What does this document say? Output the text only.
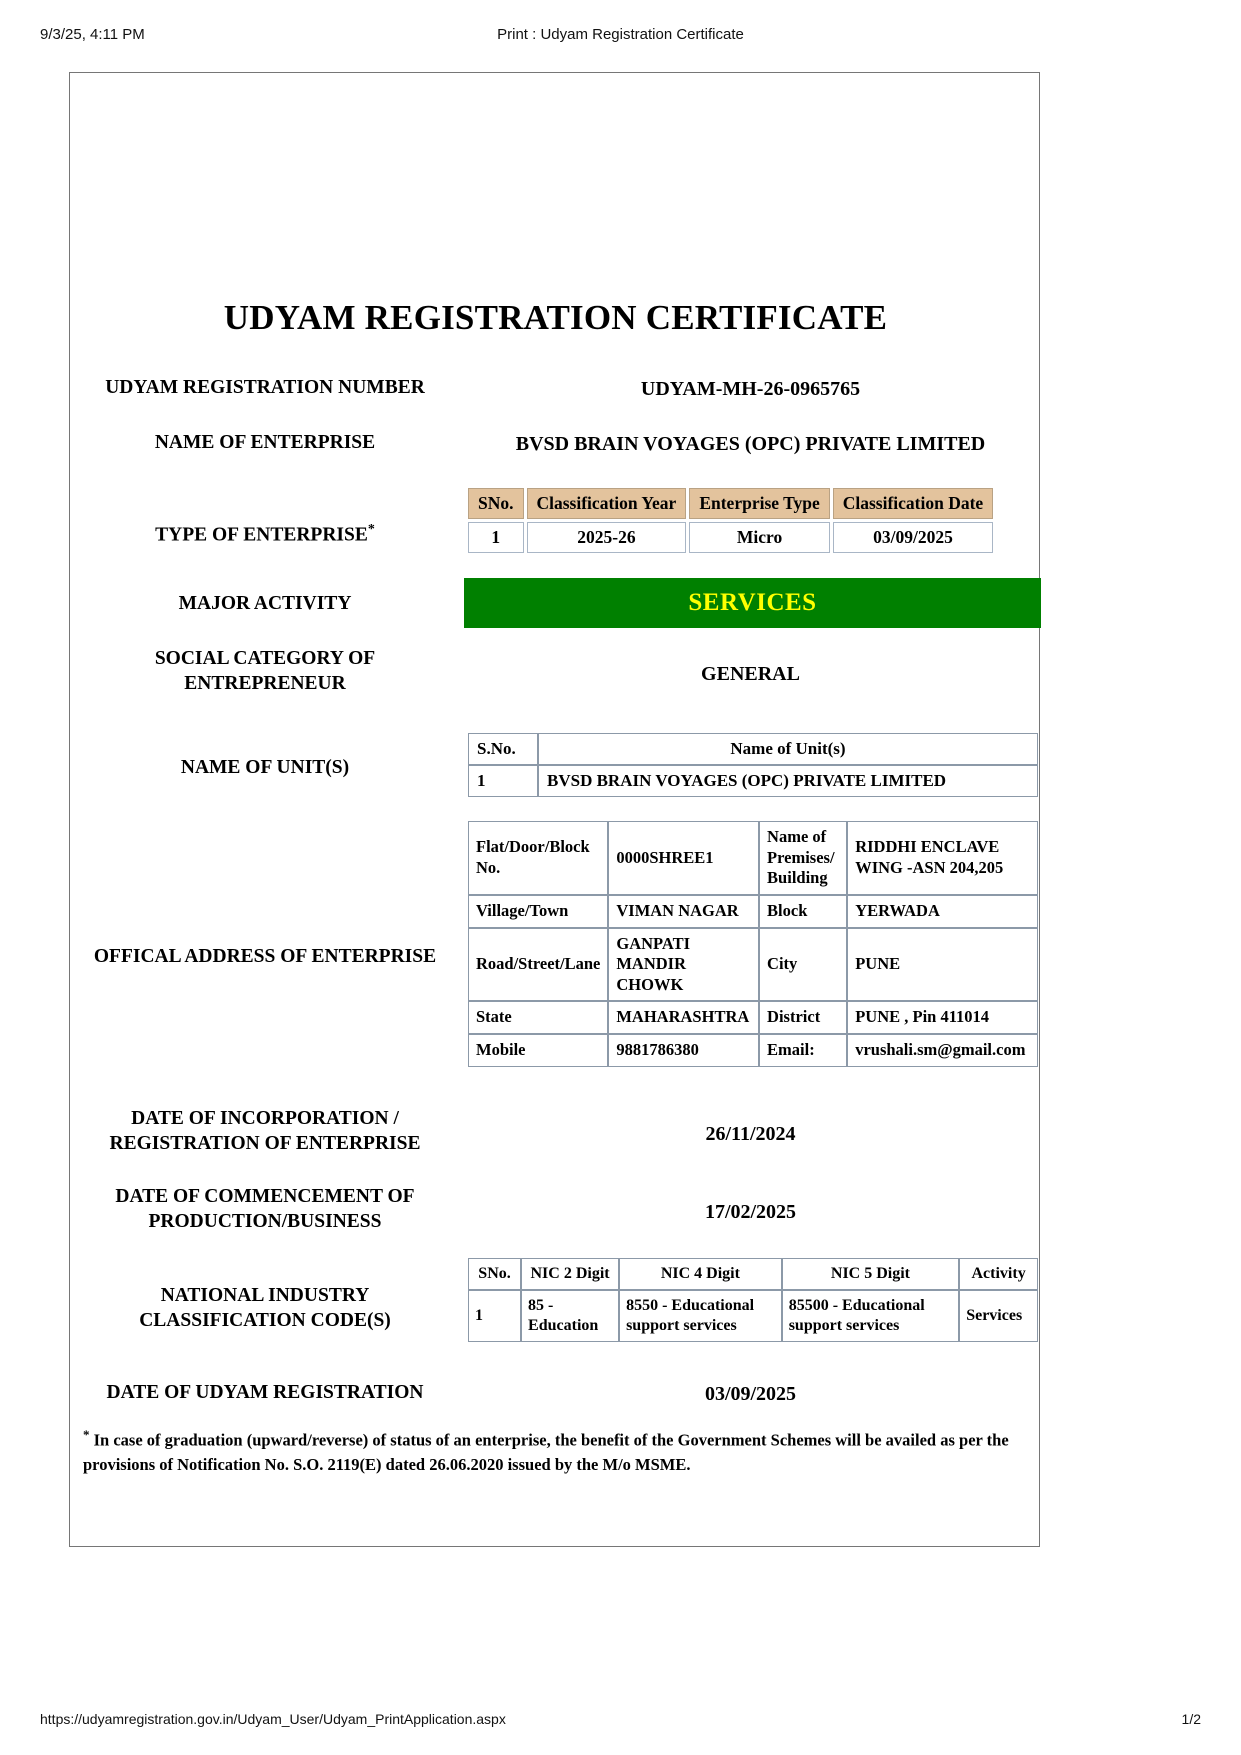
9/3/25, 4:11 PM	Print : Udyam Registration Certificate
UDYAM REGISTRATION CERTIFICATE
UDYAM REGISTRATION NUMBER	UDYAM-MH-26-0965765
NAME OF ENTERPRISE	BVSD BRAIN VOYAGES (OPC) PRIVATE LIMITED
TYPE OF ENTERPRISE*
SNo.	Classification Year	Enterprise Type	Classification Date
1	2025-26	Micro	03/09/2025
MAJOR ACTIVITY	SERVICES
SOCIAL CATEGORY OF
ENTREPRENEUR	GENERAL
NAME OF UNIT(S)
S.No.	Name of Unit(s)
1	BVSD BRAIN VOYAGES (OPC) PRIVATE LIMITED
OFFICAL ADDRESS OF ENTERPRISE
Flat/Door/Block No.	0000SHREE1	Name of Premises/ Building	RIDDHI ENCLAVE WING -ASN 204,205
Village/Town	VIMAN NAGAR	Block	YERWADA
Road/Street/Lane	GANPATI MANDIR CHOWK	City	PUNE
State	MAHARASHTRA	District	PUNE , Pin 411014
Mobile	9881786380	Email:	vrushali.sm@gmail.com
DATE OF INCORPORATION /
REGISTRATION OF ENTERPRISE	26/11/2024
DATE OF COMMENCEMENT OF
PRODUCTION/BUSINESS	17/02/2025
NATIONAL INDUSTRY
CLASSIFICATION CODE(S)
SNo.	NIC 2 Digit	NIC 4 Digit	NIC 5 Digit	Activity
1	85 - Education	8550 - Educational support services	85500 - Educational support services	Services
DATE OF UDYAM REGISTRATION	03/09/2025
* In case of graduation (upward/reverse) of status of an enterprise, the benefit of the Government Schemes will be availed as per the provisions of Notification No. S.O. 2119(E) dated 26.06.2020 issued by the M/o MSME.
https://udyamregistration.gov.in/Udyam_User/Udyam_PrintApplication.aspx	1/2
